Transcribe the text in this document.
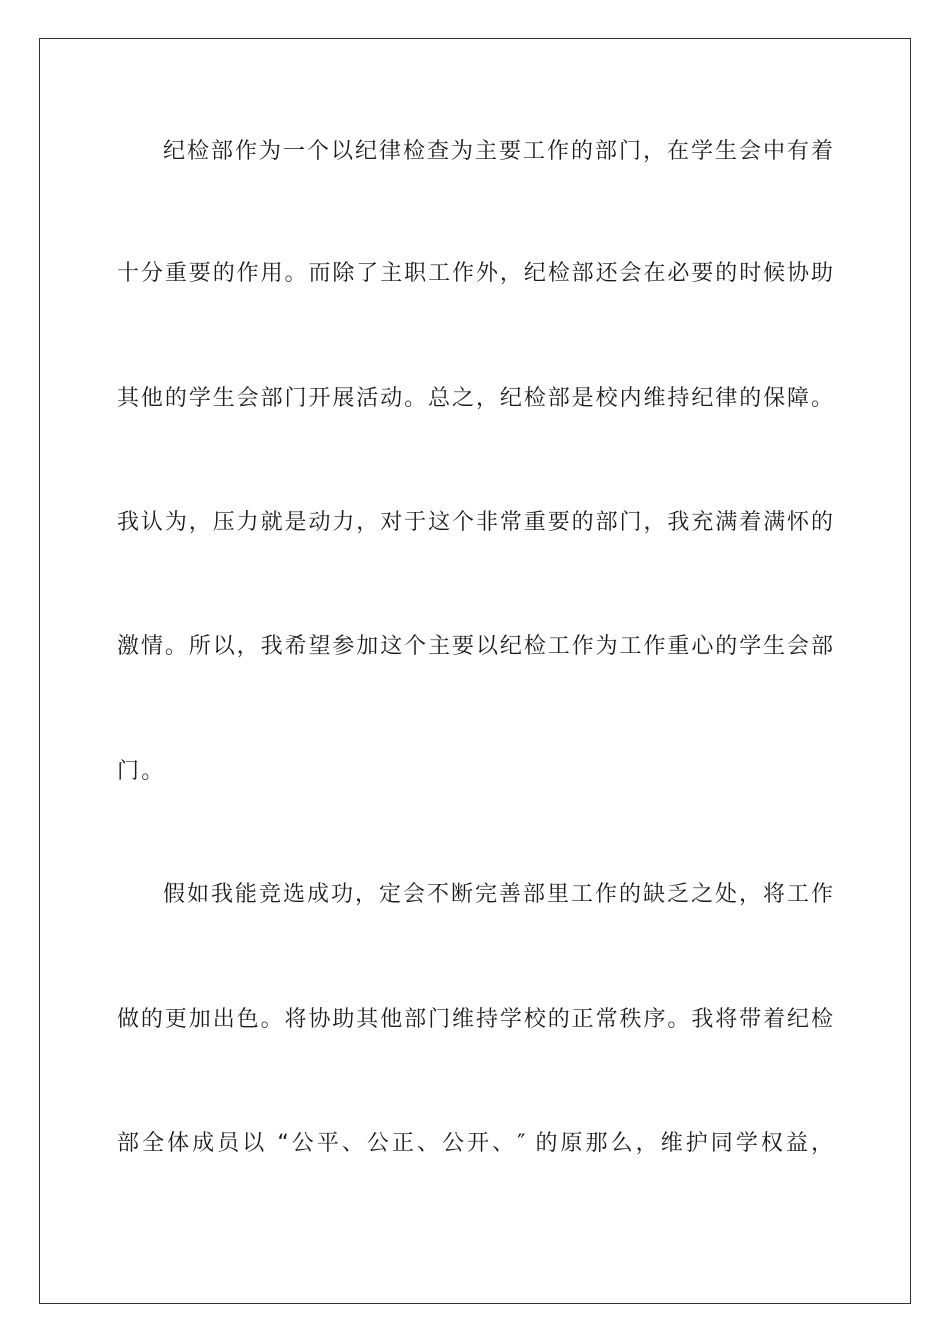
纪检部作为一个以纪律检查为主要工作的部门，在学生会中有着

十分重要的作用。而除了主职工作外，纪检部还会在必要的时候协助

其他的学生会部门开展活动。总之，纪检部是校内维持纪律的保障。

我认为，压力就是动力，对于这个非常重要的部门，我充满着满怀的

激情。所以，我希望参加这个主要以纪检工作为工作重心的学生会部

门。

假如我能竞选成功，定会不断完善部里工作的缺乏之处，将工作

做的更加出色。将协助其他部门维持学校的正常秩序。我将带着纪检

部全体成员以 “公平、公正、公开、″ 的原那么，维护同学权益，
